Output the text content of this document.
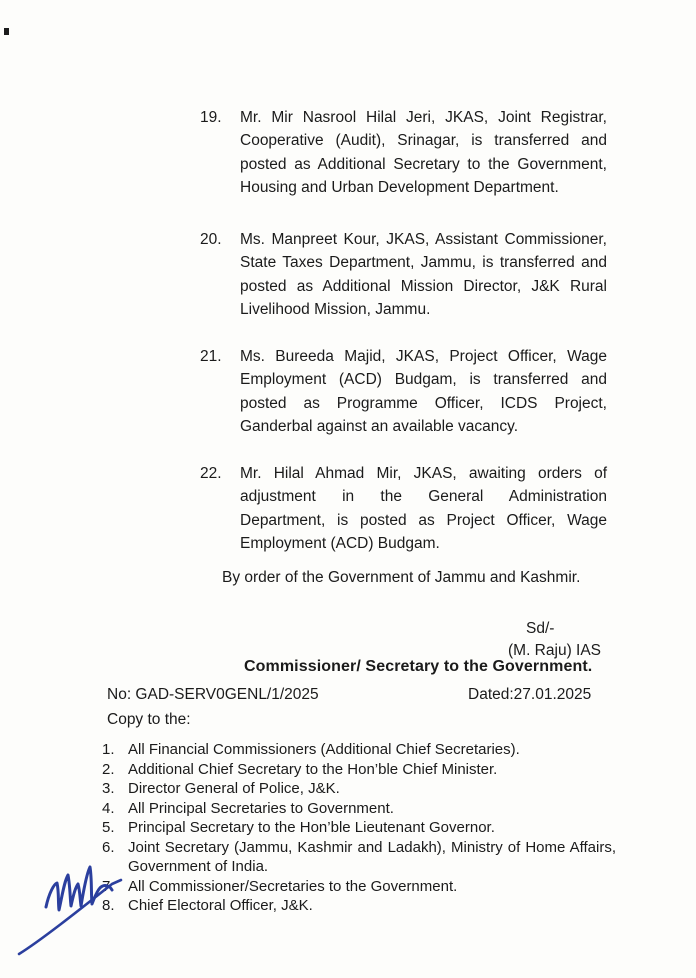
19.	Mr. Mir Nasrool Hilal Jeri, JKAS, Joint Registrar, Cooperative (Audit), Srinagar, is transferred and posted as Additional Secretary to the Government, Housing and Urban Development Department.
20.	Ms. Manpreet Kour, JKAS, Assistant Commissioner, State Taxes Department, Jammu, is transferred and posted as Additional Mission Director, J&K Rural Livelihood Mission, Jammu.
21.	Ms. Bureeda Majid, JKAS, Project Officer, Wage Employment (ACD) Budgam, is transferred and posted as Programme Officer, ICDS Project, Ganderbal against an available vacancy.
22.	Mr. Hilal Ahmad Mir, JKAS, awaiting orders of adjustment in the General Administration Department, is posted as Project Officer, Wage Employment (ACD) Budgam.
By order of the Government of Jammu and Kashmir.
Sd/-
(M. Raju) IAS
Commissioner/ Secretary to the Government.
No: GAD-SERV0GENL/1/2025	Dated:27.01.2025
Copy to the:
1. All Financial Commissioners (Additional Chief Secretaries).
2. Additional Chief Secretary to the Hon’ble Chief Minister.
3. Director General of Police, J&K.
4. All Principal Secretaries to Government.
5. Principal Secretary to the Hon’ble Lieutenant Governor.
6. Joint Secretary (Jammu, Kashmir and Ladakh), Ministry of Home Affairs, Government of India.
7. All Commissioner/Secretaries to the Government.
8. Chief Electoral Officer, J&K.
